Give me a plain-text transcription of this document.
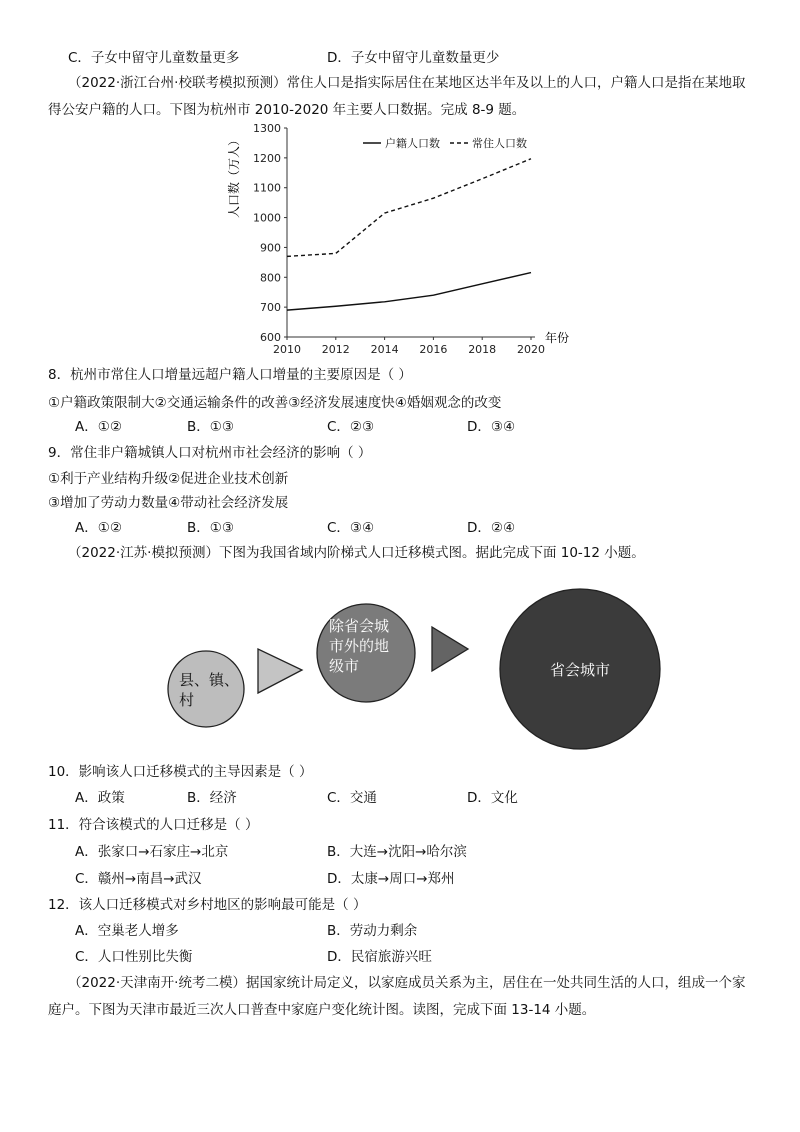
C．子女中留守儿童数量更多	D．子女中留守儿童数量更少
（2022·浙江台州·校联考模拟预测）常住人口是指实际居住在某地区达半年及以上的人口，户籍人口是指在某地取得公安户籍的人口。下图为杭州市 2010-2020 年主要人口数据。完成 8-9 题。
600
700
800
900
1000
1100
1200
1300
2010 2012 2014 2016 2018 2020
户籍人口数	常住人口数
人口数（万人）
年份
8．杭州市常住人口增量远超户籍人口增量的主要原因是（ ）
①户籍政策限制大②交通运输条件的改善③经济发展速度快④婚姻观念的改变
A．①②	B．①③	C．②③	D．③④
9．常住非户籍城镇人口对杭州市社会经济的影响（ ）
①利于产业结构升级②促进企业技术创新
③增加了劳动力数量④带动社会经济发展
A．①②	B．①③	C．③④	D．②④
（2022·江苏·模拟预测）下图为我国省域内阶梯式人口迁移模式图。据此完成下面 10-12 小题。
县、镇、
村
除省会城
市外的地
级市	省会城市
10．影响该人口迁移模式的主导因素是（ ）
A．政策	B．经济	C．交通	D．文化
11．符合该模式的人口迁移是（ ）
A．张家口→石家庄→北京	B．大连→沈阳→哈尔滨
C．赣州→南昌→武汉	D．太康→周口→郑州
12．该人口迁移模式对乡村地区的影响最可能是（ ）
A．空巢老人增多	B．劳动力剩余
C．人口性别比失衡	D．民宿旅游兴旺
（2022·天津南开·统考二模）据国家统计局定义，以家庭成员关系为主，居住在一处共同生活的人口，组成一个家庭户。下图为天津市最近三次人口普查中家庭户变化统计图。读图，完成下面 13-14 小题。
